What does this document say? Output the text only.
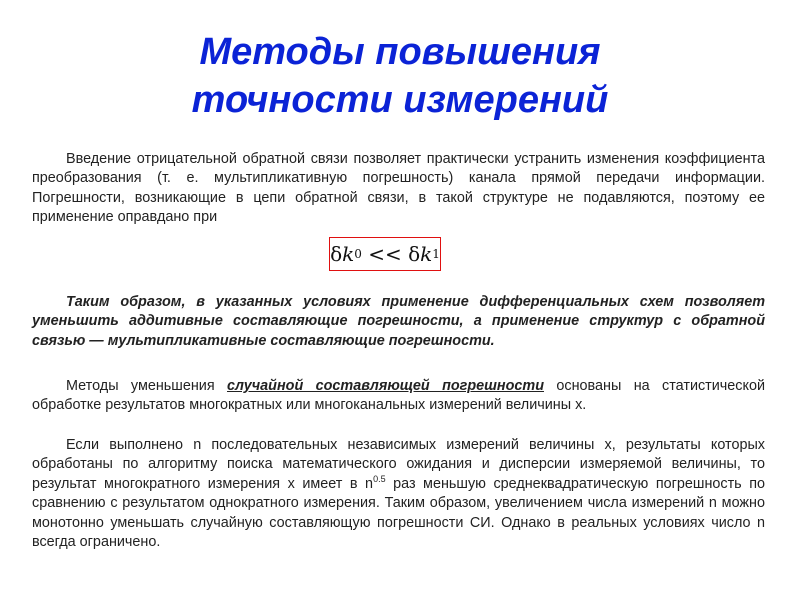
Методы повышения
точности измерений

Введение отрицательной обратной связи позволяет практически устранить изменения коэффициента преобразования (т. е. мультипликативную погрешность) канала прямой передачи информации. Погрешности, возникающие в цепи обратной связи, в такой структуре не подавляются, поэтому ее применение оправдано при

δ k 0 << δ k 1

Таким образом, в указанных условиях применение дифференциальных схем позволяет уменьшить аддитивные составляющие погрешности, а применение структур с обратной связью — мультипликативные составляющие погрешности.

Методы уменьшения случайной составляющей погрешности основаны на статистической обработке результатов многократных или многоканальных измерений величины х.

Если выполнено n последовательных независимых измерений величины х, результаты которых обработаны по алгоритму поиска математического ожидания и дисперсии измеряемой величины, то результат многократного измерения х имеет в $n^{0.5}$ раз меньшую среднеквадратическую погрешность по сравнению с результатом однократного измерения. Таким образом, увеличением числа измерений n можно монотонно уменьшать случайную составляющую погрешности СИ. Однако в реальных условиях число n всегда ограничено.
